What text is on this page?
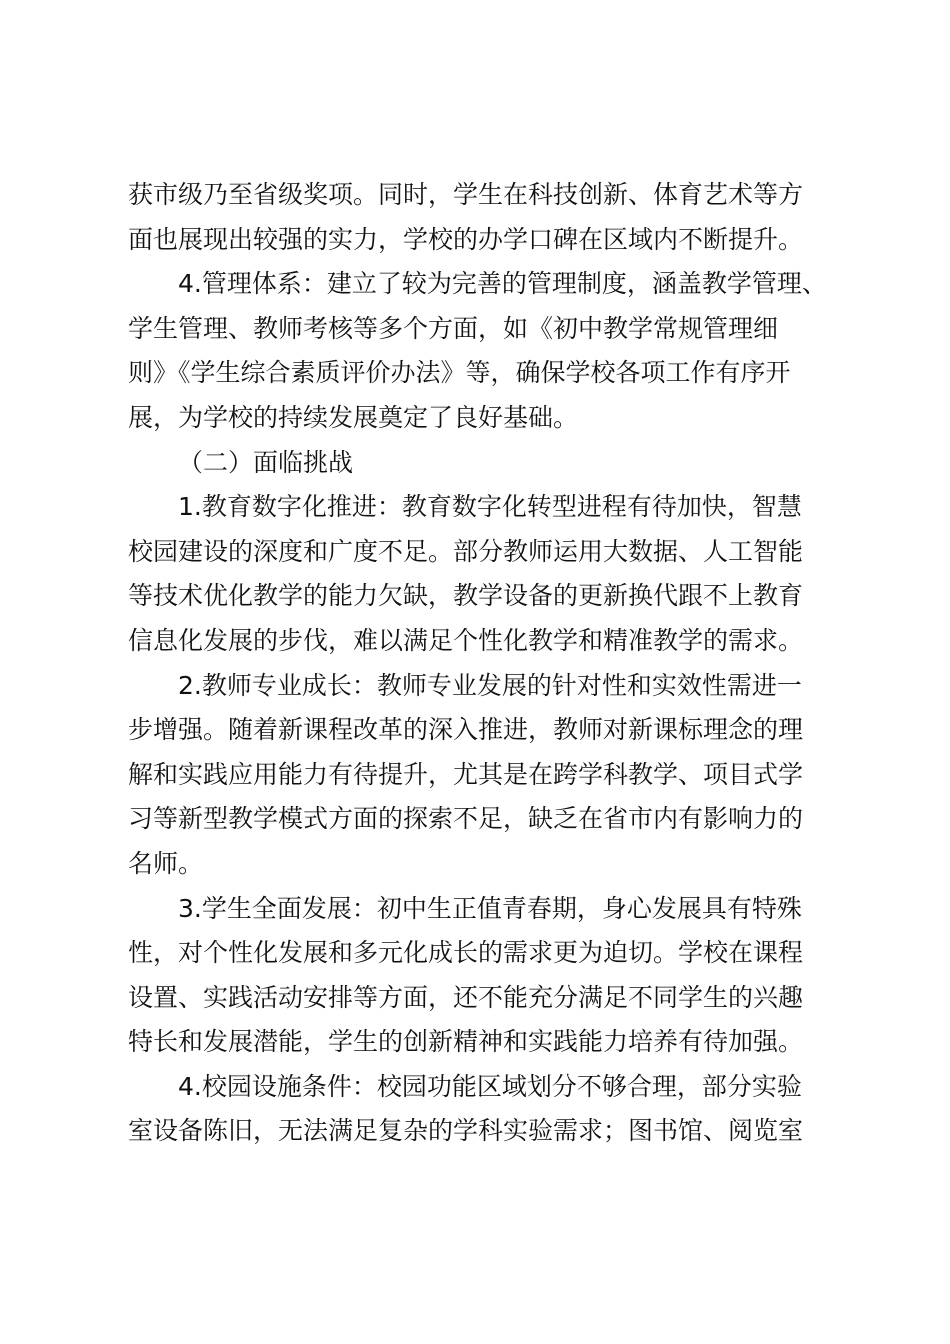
获市级乃至省级奖项。同时，学生在科技创新、体育艺术等方
面也展现出较强的实力，学校的办学口碑在区域内不断提升。
4.管理体系：建立了较为完善的管理制度，涵盖教学管理、
学生管理、教师考核等多个方面，如《初中教学常规管理细
则》《学生综合素质评价办法》等，确保学校各项工作有序开
展，为学校的持续发展奠定了良好基础。
（二）面临挑战
1.教育数字化推进：教育数字化转型进程有待加快，智慧
校园建设的深度和广度不足。部分教师运用大数据、人工智能
等技术优化教学的能力欠缺，教学设备的更新换代跟不上教育
信息化发展的步伐，难以满足个性化教学和精准教学的需求。
2.教师专业成长：教师专业发展的针对性和实效性需进一
步增强。随着新课程改革的深入推进，教师对新课标理念的理
解和实践应用能力有待提升，尤其是在跨学科教学、项目式学
习等新型教学模式方面的探索不足，缺乏在省市内有影响力的
名师。
3.学生全面发展：初中生正值青春期，身心发展具有特殊
性，对个性化发展和多元化成长的需求更为迫切。学校在课程
设置、实践活动安排等方面，还不能充分满足不同学生的兴趣
特长和发展潜能，学生的创新精神和实践能力培养有待加强。
4.校园设施条件：校园功能区域划分不够合理，部分实验
室设备陈旧，无法满足复杂的学科实验需求；图书馆、阅览室
